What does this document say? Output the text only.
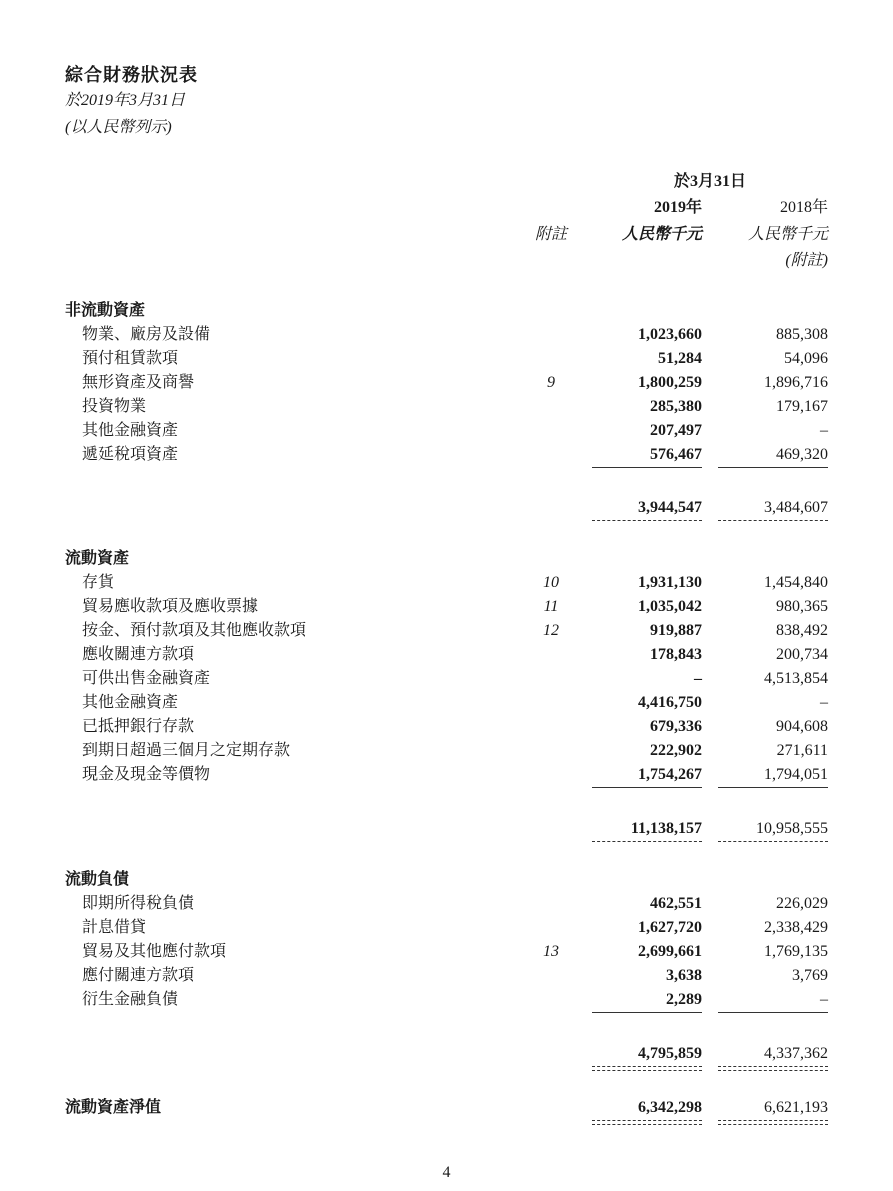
綜合財務狀況表
於2019年3月31日
(以人民幣列示)
於3月31日
2019年	2018年
附註	人民幣千元	人民幣千元
(附註)
非流動資產
物業、廠房及設備	1,023,660	885,308
預付租賃款項	51,284	54,096
無形資產及商譽	9	1,800,259	1,896,716
投資物業	285,380	179,167
其他金融資產	207,497	–
遞延稅項資產	576,467	469,320
3,944,547	3,484,607
流動資產
存貨	10	1,931,130	1,454,840
貿易應收款項及應收票據	11	1,035,042	980,365
按金、預付款項及其他應收款項	12	919,887	838,492
應收關連方款項	178,843	200,734
可供出售金融資產	–	4,513,854
其他金融資產	4,416,750	–
已抵押銀行存款	679,336	904,608
到期日超過三個月之定期存款	222,902	271,611
現金及現金等價物	1,754,267	1,794,051
11,138,157	10,958,555
流動負債
即期所得稅負債	462,551	226,029
計息借貸	1,627,720	2,338,429
貿易及其他應付款項	13	2,699,661	1,769,135
應付關連方款項	3,638	3,769
衍生金融負債	2,289	–
4,795,859	4,337,362
流動資產淨值	6,342,298	6,621,193
4
